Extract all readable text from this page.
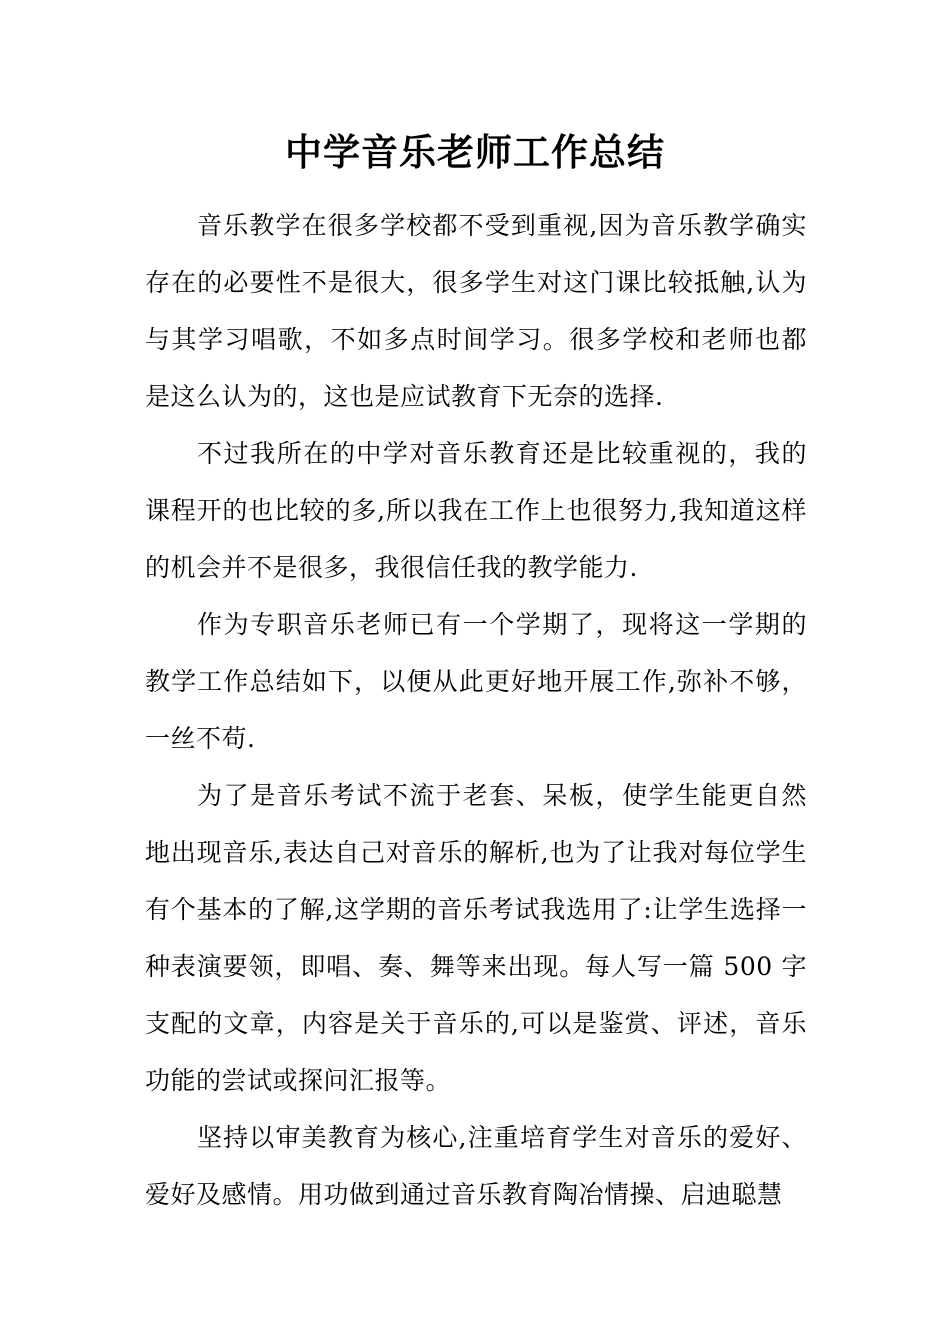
中学音乐老师工作总结

音乐教学在很多学校都不受到重视,因为音乐教学确实存在的必要性不是很大，很多学生对这门课比较抵触,认为与其学习唱歌，不如多点时间学习。很多学校和老师也都是这么认为的，这也是应试教育下无奈的选择.

不过我所在的中学对音乐教育还是比较重视的，我的课程开的也比较的多,所以我在工作上也很努力,我知道这样的机会并不是很多，我很信任我的教学能力.

作为专职音乐老师已有一个学期了，现将这一学期的教学工作总结如下，以便从此更好地开展工作,弥补不够，一丝不苟.

为了是音乐考试不流于老套、呆板，使学生能更自然地出现音乐,表达自己对音乐的解析,也为了让我对每位学生有个基本的了解,这学期的音乐考试我选用了:让学生选择一种表演要领，即唱、奏、舞等来出现。每人写一篇 500 字支配的文章，内容是关于音乐的,可以是鉴赏、评述，音乐功能的尝试或探问汇报等。

坚持以审美教育为核心,注重培育学生对音乐的爱好、爱好及感情。用功做到通过音乐教育陶冶情操、启迪聪慧
